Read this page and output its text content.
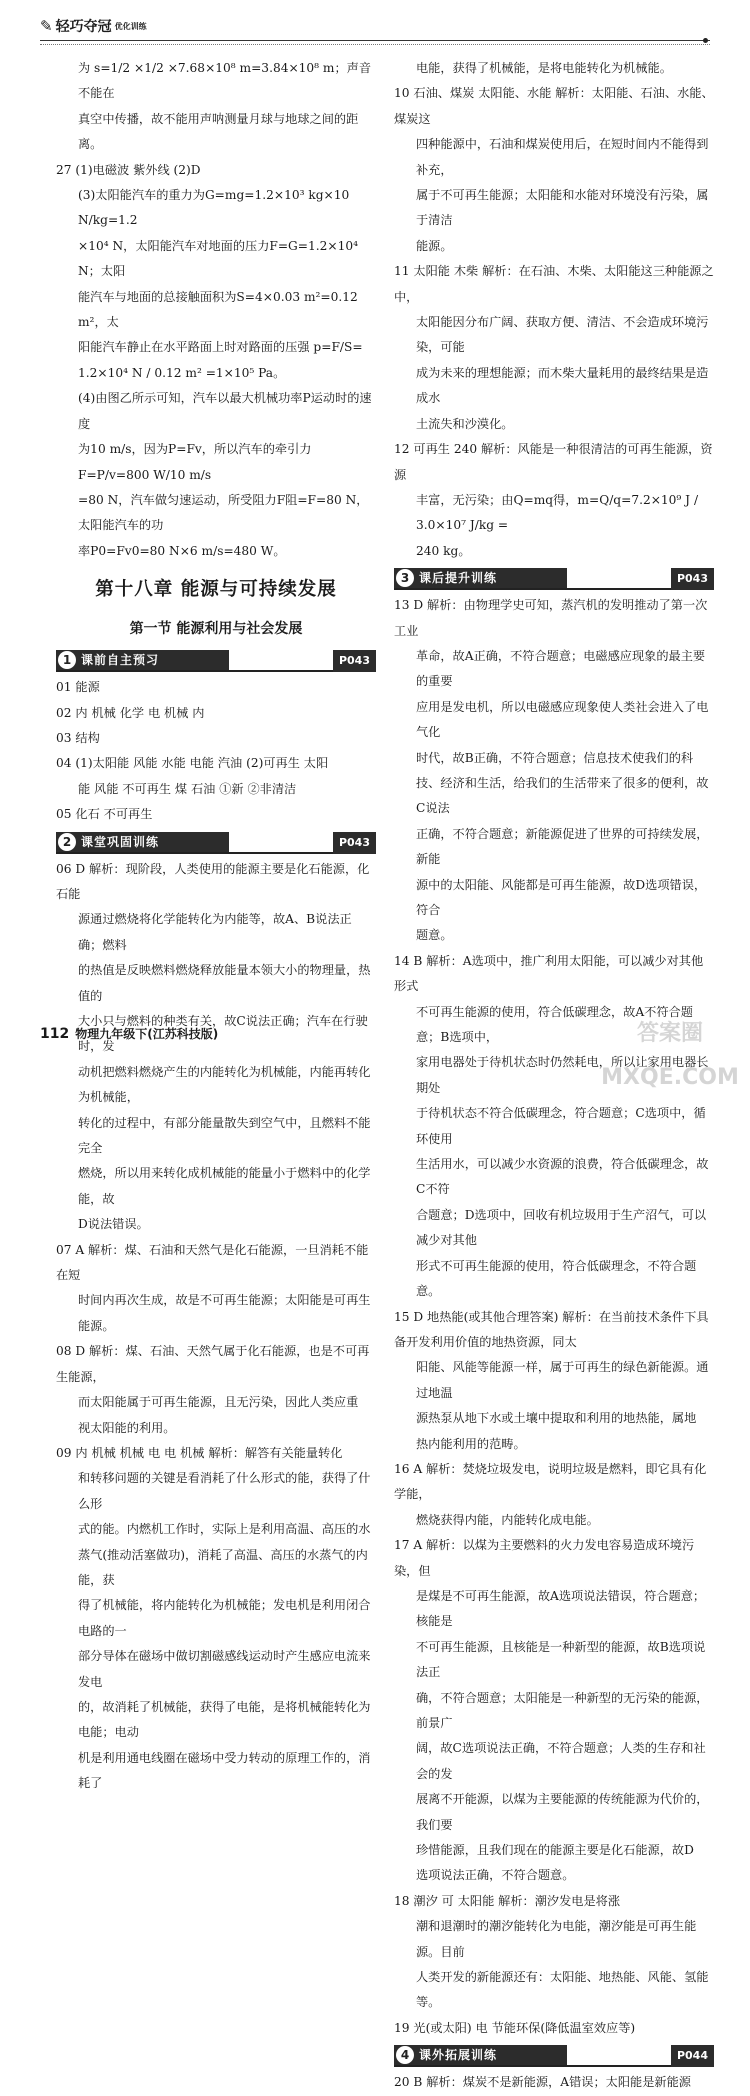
✎ 轻巧夺冠 优化训练

为 s=1/2 ×1/2 ×7.68×10⁸ m=3.84×10⁸ m；声音不能在

真空中传播，故不能用声呐测量月球与地球之间的距离。

27 (1)电磁波 紫外线 (2)D

(3)太阳能汽车的重力为G=mg=1.2×10³ kg×10 N/kg=1.2

×10⁴ N，太阳能汽车对地面的压力F=G=1.2×10⁴ N；太阳

能汽车与地面的总接触面积为S=4×0.03 m²=0.12 m²，太

阳能汽车静止在水平路面上时对路面的压强 p=F/S=

1.2×10⁴ N / 0.12 m² =1×10⁵ Pa。

(4)由图乙所示可知，汽车以最大机械功率P运动时的速度

为10 m/s，因为P=Fv，所以汽车的牵引力F=P/v=800 W/10 m/s

=80 N，汽车做匀速运动，所受阻力F阻=F=80 N，太阳能汽车的功

率P0=Fv0=80 N×6 m/s=480 W。

第十八章 能源与可持续发展
第一节 能源利用与社会发展
1 课前自主预习	P043

01 能源

02 内 机械 化学 电 机械 内

03 结构

04 (1)太阳能 风能 水能 电能 汽油 (2)可再生 太阳

能 风能 不可再生 煤 石油 ①新 ②非清洁

05 化石 不可再生

2 课堂巩固训练	P043

06 D 解析：现阶段，人类使用的能源主要是化石能源，化石能

源通过燃烧将化学能转化为内能等，故A、B说法正确；燃料

的热值是反映燃料燃烧释放能量本领大小的物理量，热值的

大小只与燃料的种类有关，故C说法正确；汽车在行驶时，发

动机把燃料燃烧产生的内能转化为机械能，内能再转化为机械能，

转化的过程中，有部分能量散失到空气中，且燃料不能完全

燃烧，所以用来转化成机械能的能量小于燃料中的化学能，故

D说法错误。

07 A 解析：煤、石油和天然气是化石能源，一旦消耗不能在短

时间内再次生成，故是不可再生能源；太阳能是可再生

能源。

08 D 解析：煤、石油、天然气属于化石能源，也是不可再生能源，

而太阳能属于可再生能源，且无污染，因此人类应重

视太阳能的利用。

09 内 机械 机械 电 电 机械 解析：解答有关能量转化

和转移问题的关键是看消耗了什么形式的能，获得了什么形

式的能。内燃机工作时，实际上是利用高温、高压的水

蒸气(推动活塞做功)，消耗了高温、高压的水蒸气的内能，获

得了机械能，将内能转化为机械能；发电机是利用闭合电路的一

部分导体在磁场中做切割磁感线运动时产生感应电流来发电

的，故消耗了机械能，获得了电能，是将机械能转化为电能；电动

机是利用通电线圈在磁场中受力转动的原理工作的，消耗了

电能，获得了机械能，是将电能转化为机械能。

10 石油、煤炭 太阳能、水能 解析：太阳能、石油、水能、煤炭这

四种能源中，石油和煤炭使用后，在短时间内不能得到补充，

属于不可再生能源；太阳能和水能对环境没有污染，属于清洁

能源。

11 太阳能 木柴 解析：在石油、木柴、太阳能这三种能源之中，

太阳能因分布广阔、获取方便、清洁、不会造成环境污染，可能

成为未来的理想能源；而木柴大量耗用的最终结果是造成水

土流失和沙漠化。

12 可再生 240 解析：风能是一种很清洁的可再生能源，资源

丰富，无污染；由Q=mq得，m=Q/q=7.2×10⁹ J / 3.0×10⁷ J/kg =

240 kg。

3 课后提升训练	P043

13 D 解析：由物理学史可知，蒸汽机的发明推动了第一次工业

革命，故A正确，不符合题意；电磁感应现象的最主要的重要

应用是发电机，所以电磁感应现象使人类社会进入了电气化

时代，故B正确，不符合题意；信息技术使我们的科

技、经济和生活，给我们的生活带来了很多的便利，故C说法

正确，不符合题意；新能源促进了世界的可持续发展，新能

源中的太阳能、风能都是可再生能源，故D选项错误，符合

题意。

14 B 解析：A选项中，推广利用太阳能，可以减少对其他形式

不可再生能源的使用，符合低碳理念，故A不符合题意；B选项中，

家用电器处于待机状态时仍然耗电，所以让家用电器长期处

于待机状态不符合低碳理念，符合题意；C选项中，循环使用

生活用水，可以减少水资源的浪费，符合低碳理念，故C不符

合题意；D选项中，回收有机垃圾用于生产沼气，可以减少对其他

形式不可再生能源的使用，符合低碳理念，不符合题意。

15 D 地热能(或其他合理答案) 解析：在当前技术条件下具备开发利用价值的地热资源，同太

阳能、风能等能源一样，属于可再生的绿色新能源。通过地温

源热泵从地下水或土壤中提取和利用的地热能，属地

热内能利用的范畴。

16 A 解析：焚烧垃圾发电，说明垃圾是燃料，即它具有化学能，

燃烧获得内能，内能转化成电能。

17 A 解析：以煤为主要燃料的火力发电容易造成环境污染，但

是煤是不可再生能源，故A选项说法错误，符合题意；核能是

不可再生能源，且核能是一种新型的能源，故B选项说法正

确，不符合题意；太阳能是一种新型的无污染的能源，前景广

阔，故C选项说法正确，不符合题意；人类的生存和社会的发

展离不开能源，以煤为主要能源的传统能源为代价的，我们要

珍惜能源，且我们现在的能源主要是化石能源，故D

选项说法正确，不符合题意。

18 潮汐 可 太阳能 解析：潮汐发电是将涨

潮和退潮时的潮汐能转化为电能，潮汐能是可再生能源。目前

人类开发的新能源还有：太阳能、地热能、风能、氢能等。

19 光(或太阳) 电 节能环保(降低温室效应等)

4 课外拓展训练	P044

20 B 解析：煤炭不是新能源，A错误；太阳能是新能源

112 物理九年级下(江苏科技版)	答案圈 MXQE.COM
